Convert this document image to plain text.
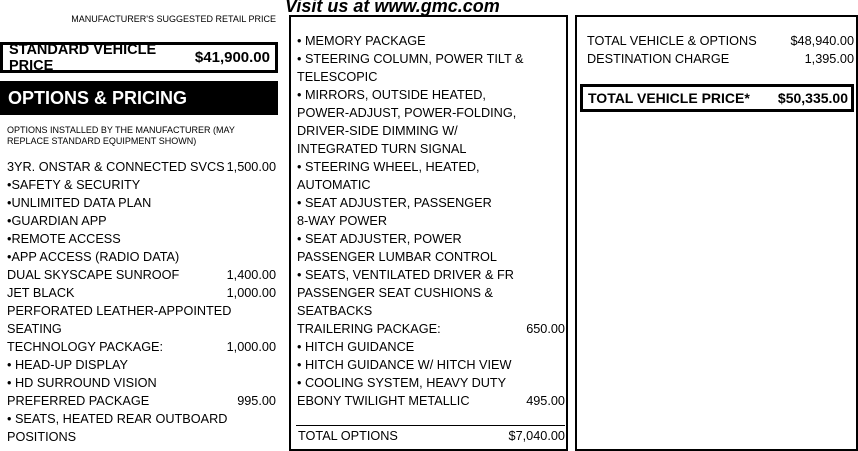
Visit us at www.gmc.com
MANUFACTURER'S SUGGESTED RETAIL PRICE
STANDARD VEHICLE PRICE	$41,900.00
OPTIONS & PRICING
OPTIONS INSTALLED BY THE MANUFACTURER (MAY REPLACE STANDARD EQUIPMENT SHOWN)
3YR. ONSTAR & CONNECTED SVCS 1,500.00
•SAFETY & SECURITY
•UNLIMITED DATA PLAN
•GUARDIAN APP
•REMOTE ACCESS
•APP ACCESS (RADIO DATA)
DUAL SKYSCAPE SUNROOF	1,400.00
JET BLACK	1,000.00
PERFORATED LEATHER-APPOINTED
SEATING
TECHNOLOGY PACKAGE:	1,000.00
• HEAD-UP DISPLAY
• HD SURROUND VISION
PREFERRED PACKAGE	995.00
• SEATS, HEATED REAR OUTBOARD
POSITIONS
• MEMORY PACKAGE
• STEERING COLUMN, POWER TILT &
TELESCOPIC
• MIRRORS, OUTSIDE HEATED,
POWER-ADJUST, POWER-FOLDING,
DRIVER-SIDE DIMMING W/
INTEGRATED TURN SIGNAL
• STEERING WHEEL, HEATED,
AUTOMATIC
• SEAT ADJUSTER, PASSENGER
8-WAY POWER
• SEAT ADJUSTER, POWER
PASSENGER LUMBAR CONTROL
• SEATS, VENTILATED DRIVER & FR
PASSENGER SEAT CUSHIONS &
SEATBACKS
TRAILERING PACKAGE:	650.00
• HITCH GUIDANCE
• HITCH GUIDANCE W/ HITCH VIEW
• COOLING SYSTEM, HEAVY DUTY
EBONY TWILIGHT METALLIC	495.00
TOTAL OPTIONS	$7,040.00
TOTAL VEHICLE & OPTIONS	$48,940.00
DESTINATION CHARGE	1,395.00
TOTAL VEHICLE PRICE* $50,335.00
